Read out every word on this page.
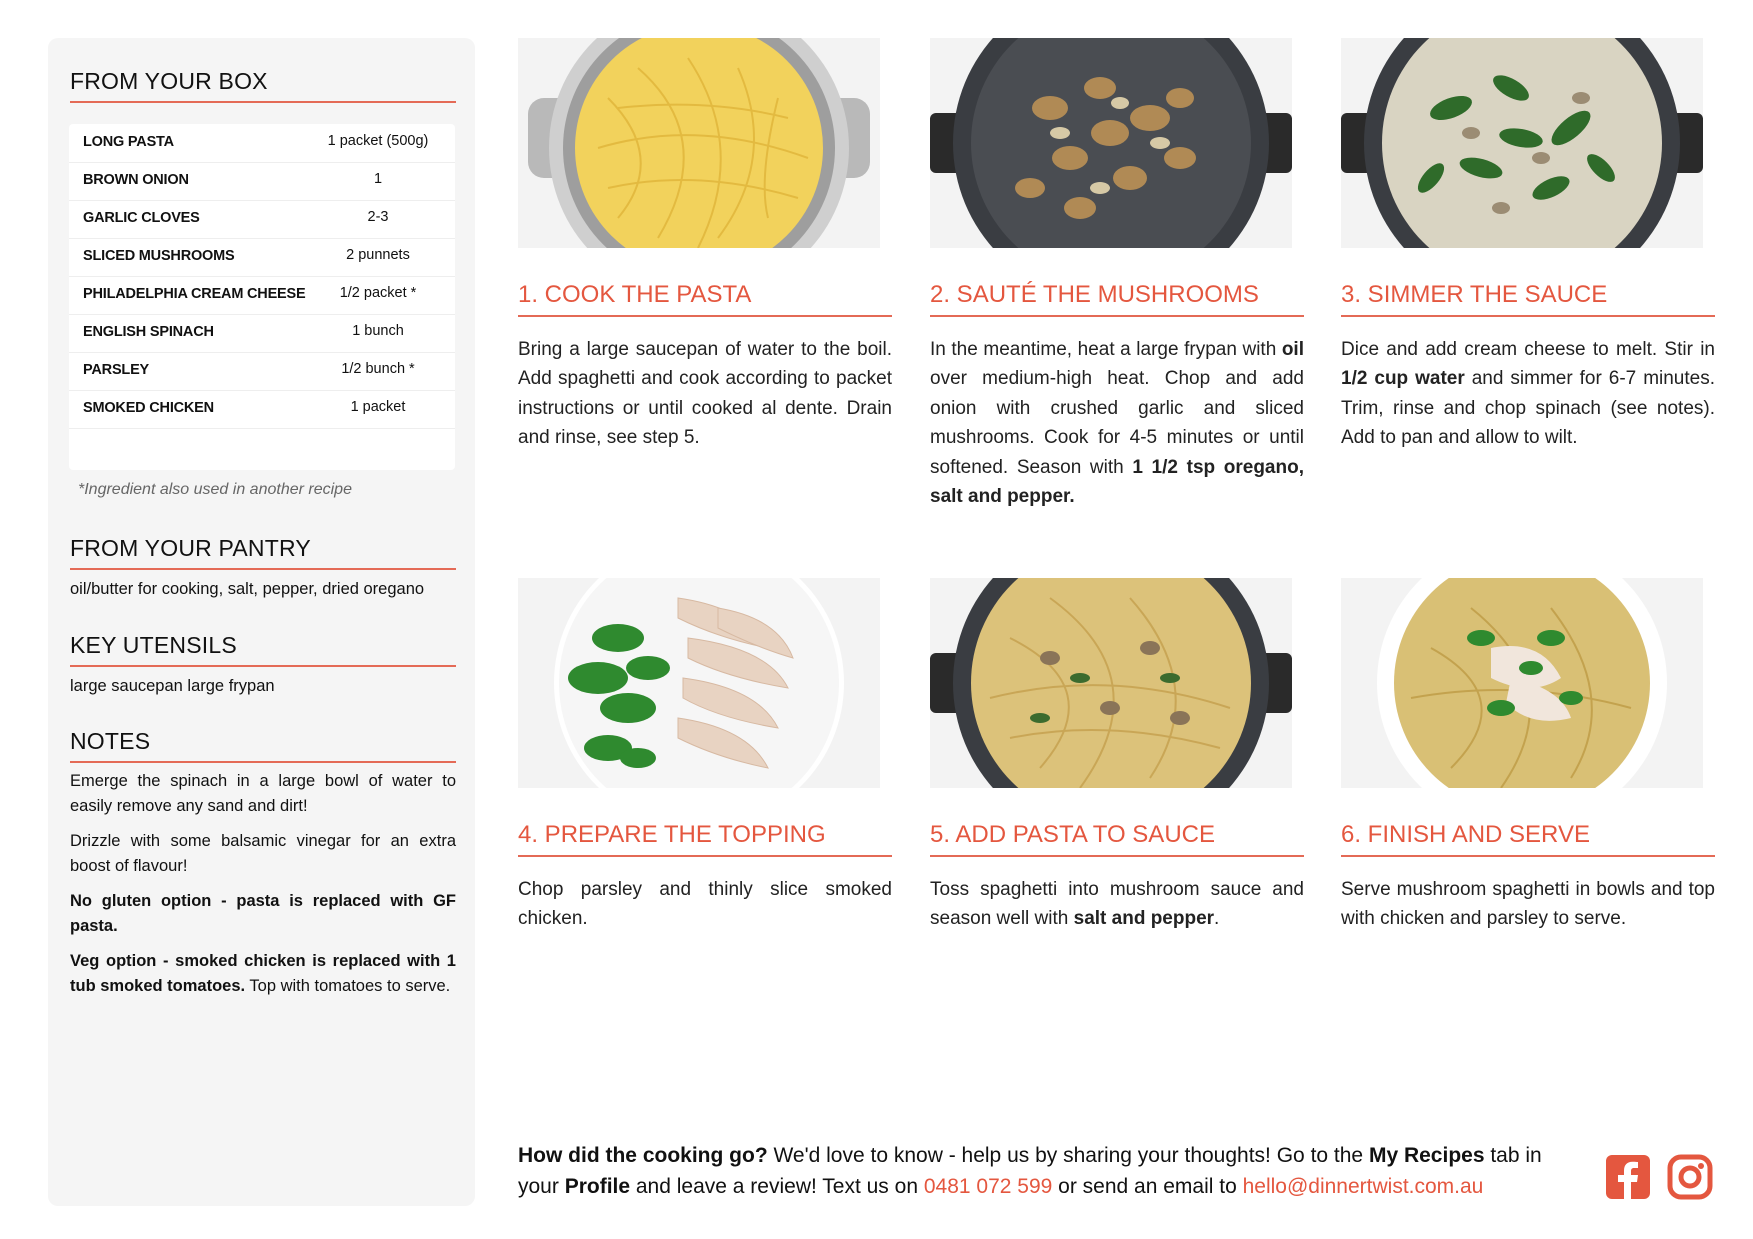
FROM YOUR BOX
LONG PASTA	1 packet (500g)
BROWN ONION	1
GARLIC CLOVES	2-3
SLICED MUSHROOMS	2 punnets
PHILADELPHIA CREAM CHEESE	1/2 packet *
ENGLISH SPINACH	1 bunch
PARSLEY	1/2 bunch *
SMOKED CHICKEN	1 packet
*Ingredient also used in another recipe
FROM YOUR PANTRY
oil/butter for cooking, salt, pepper, dried oregano
KEY UTENSILS
large saucepan large frypan
NOTES
Emerge the spinach in a large bowl of water to easily remove any sand and dirt!
Drizzle with some balsamic vinegar for an extra boost of flavour!
No gluten option - pasta is replaced with GF pasta.
Veg option - smoked chicken is replaced with 1 tub smoked tomatoes. Top with tomatoes to serve.
1. COOK THE PASTA
Bring a large saucepan of water to the boil. Add spaghetti and cook according to packet instructions or until cooked al dente. Drain and rinse, see step 5.
2. SAUTÉ THE MUSHROOMS
In the meantime, heat a large frypan with oil over medium-high heat. Chop and add onion with crushed garlic and sliced mushrooms. Cook for 4-5 minutes or until softened. Season with 1 1/2 tsp oregano, salt and pepper.
3. SIMMER THE SAUCE
Dice and add cream cheese to melt. Stir in 1/2 cup water and simmer for 6-7 minutes. Trim, rinse and chop spinach (see notes). Add to pan and allow to wilt.
4. PREPARE THE TOPPING
Chop parsley and thinly slice smoked chicken.
5. ADD PASTA TO SAUCE
Toss spaghetti into mushroom sauce and season well with salt and pepper.
6. FINISH AND SERVE
Serve mushroom spaghetti in bowls and top with chicken and parsley to serve.
How did the cooking go? We'd love to know - help us by sharing your thoughts! Go to the My Recipes tab in your Profile and leave a review! Text us on 0481 072 599 or send an email to hello@dinnertwist.com.au
